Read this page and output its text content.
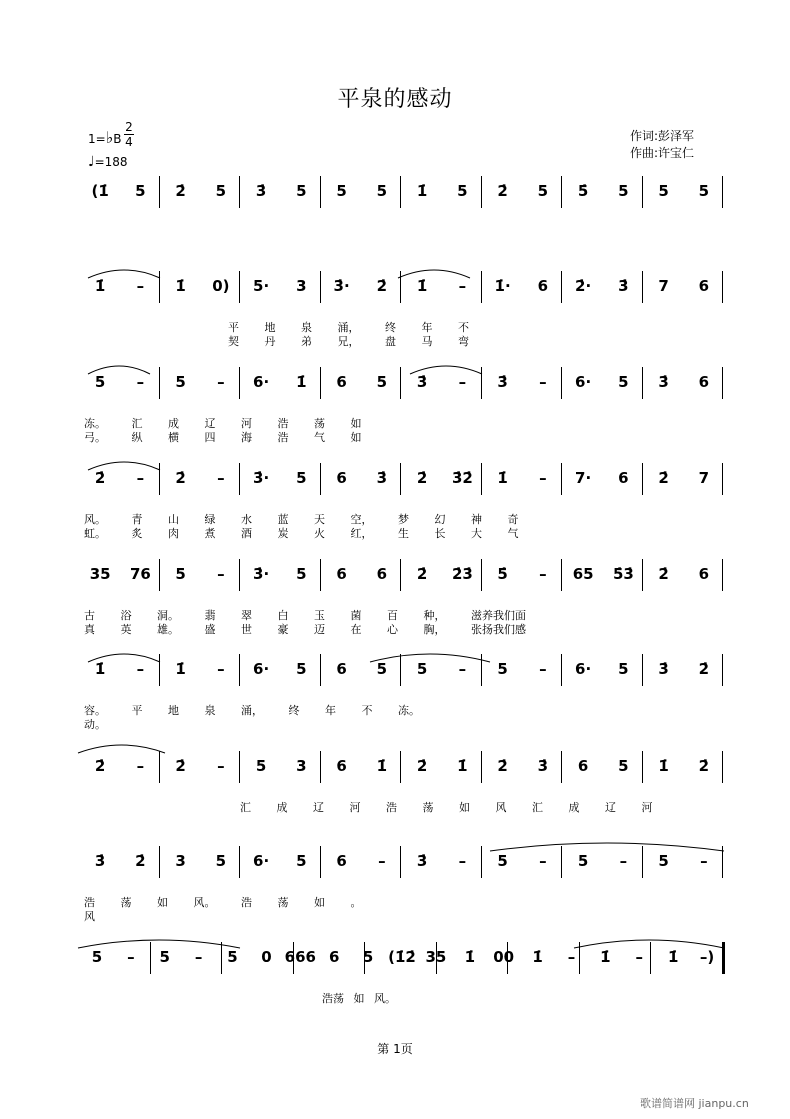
平泉的感动
1=♭B
2
4
♩=188
作词:彭泽军
作曲:许宝仁
(1̇ 5 2̇ 5 3̇ 5 5 5 1̇ 5 2̇ 5 5̇ 5 5 5
1̇ – 1̇ 0) 5· 3 3̇· 2̇ 1̇ – 1̇· 6 2̇· 3̇ 7 6
平 地 泉 涌， 终 年 不
契 丹 弟 兄， 盘 马 弯
5 – 5 – 6· 1̇ 6 5 3̇ – 3̇ – 6· 5 3̇ 6
冻。 汇 成 辽 河 浩 荡 如
弓。 纵 横 四 海 浩 气 如
2̇ – 2̇ – 3̇· 5 6 3̇ 2̇ 3̇2̇ 1̇ – 7· 6 2̇ 7
风。 青 山 绿 水 蓝 天 空， 梦 幻 神 奇
虹。 炙 肉 煮 酒 炭 火 红， 生 长 大 气
35 76 5 – 3̇· 5 6 6 2̇ 2̇3̇ 5̇ – 65 5̇3̇ 2̇ 6
古 浴 洞。 翡 翠 白 玉 菌 百 种， 滋养我们面
真 英 雄。 盛 世 豪 迈 在 心 胸， 张扬我们感
1̇ – 1̇ – 6· 5 6 5 5 – 5 – 6· 5 3̇ 2̇
容。 平 地 泉 涌， 终 年 不 冻。
动。
2̇ – 2̇ – 5 3 6 1̇ 2̇ 1̇ 2̇ 3̇ 6 5 1̇ 2̇
汇 成 辽 河 浩 荡 如 风 汇 成 辽 河
3̇ 2̇ 3 5 6· 5 6 – 3̇ – 5 – 5 – 5 –
浩 荡 如 风。 浩 荡 如 。
风
5 – 5 – 5 0 666 6 5 (1̇2̇ 35 1̇ 00 1̇ – 1̇ – 1̇ –)
浩荡 如 风。
第 1页
歌谱简谱网 jianpu.cn
